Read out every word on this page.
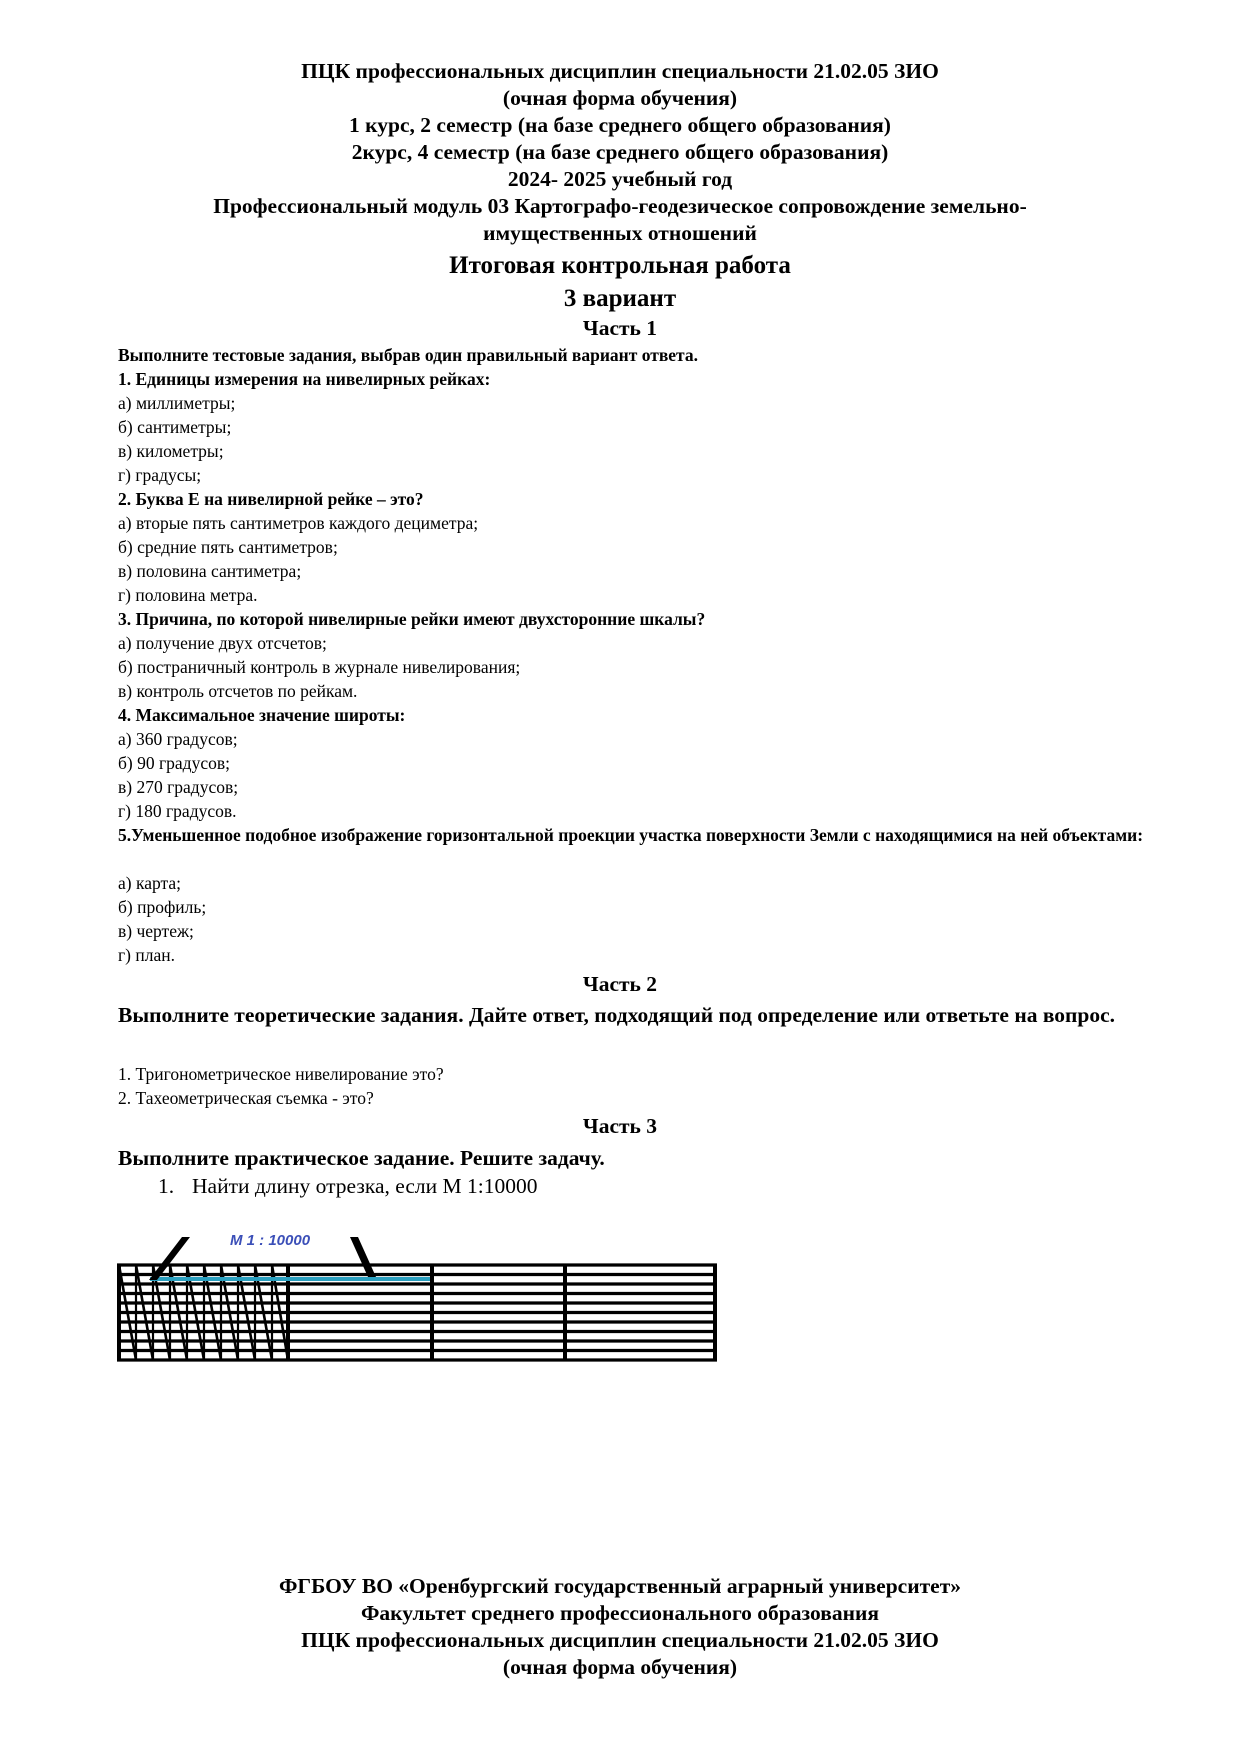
ПЦК профессиональных дисциплин специальности 21.02.05 ЗИО
(очная форма обучения)
1 курс, 2 семестр (на базе среднего общего образования)
2курс, 4 семестр (на базе среднего общего образования)
2024- 2025 учебный год
Профессиональный модуль 03 Картографо-геодезическое сопровождение земельно-
имущественных отношений
Итоговая контрольная работа
3 вариант
Часть 1
Выполните тестовые задания, выбрав один правильный вариант ответа.
1. Единицы измерения на нивелирных рейках:
а) миллиметры;
б) сантиметры;
в) километры;
г) градусы;
2. Буква Е на нивелирной рейке – это?
а) вторые пять сантиметров каждого дециметра;
б) средние пять сантиметров;
в) половина сантиметра;
г) половина метра.
3. Причина, по которой нивелирные рейки имеют двухсторонние шкалы?
а) получение двух отсчетов;
б) постраничный контроль в журнале нивелирования;
в) контроль отсчетов по рейкам.
4. Максимальное значение широты:
а) 360 градусов;
б) 90 градусов;
в) 270 градусов;
г) 180 градусов.
5.Уменьшенное подобное изображение горизонтальной проекции участка поверхности Земли с находящимися на ней объектами:
а) карта;
б) профиль;
в) чертеж;
г) план.
Часть 2
Выполните теоретические задания. Дайте ответ, подходящий под определение или ответьте на вопрос.
1. Тригонометрическое нивелирование это?
2. Тахеометрическая съемка - это?
Часть 3
Выполните практическое задание. Решите задачу.
1. Найти длину отрезка, если М 1:10000
M 1 : 10000
ФГБОУ ВО «Оренбургский государственный аграрный университет»
Факультет среднего профессионального образования
ПЦК профессиональных дисциплин специальности 21.02.05 ЗИО
(очная форма обучения)
